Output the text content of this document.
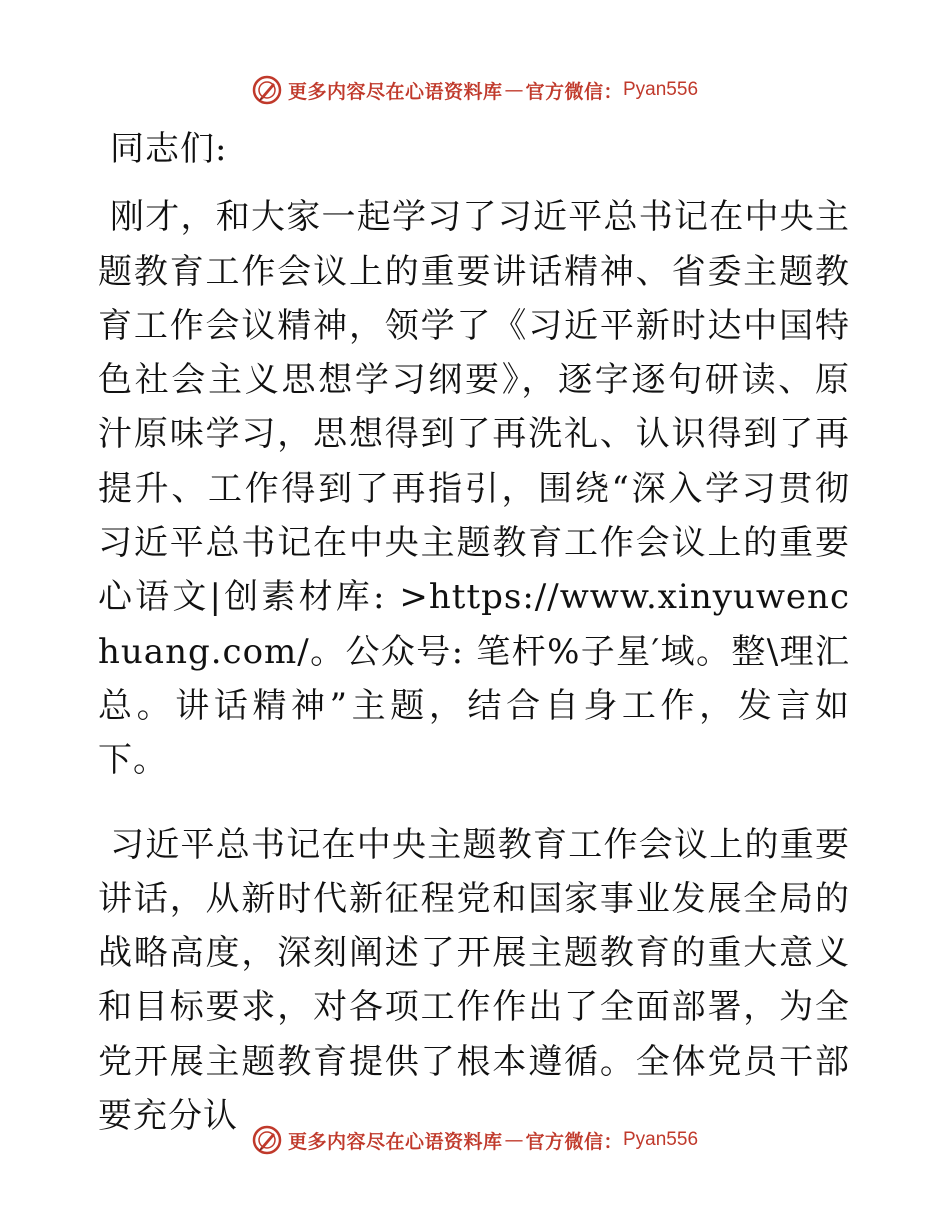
更多内容尽在心语资料库 — 官方微信： Pyan556

同志们:

刚才，和大家一起学习了习近平总书记在中央主题教育工作会议上的重要讲话精神、省委主题教育工作会议精神，领学了《习近平新时达中国特色社会主义思想学习纲要》，逐字逐句研读、原汁原味学习，思想得到了再洗礼、认识得到了再提升、工作得到了再指引，围绕“深入学习贯彻习近平总书记在中央主题教育工作会议上的重要心语文|创素材库: >https://www.xinyuwenchuang.com/。公众号: 笔杆%子星′域。整\理汇总。讲话精神”主题，结合自身工作，发言如下。

习近平总书记在中央主题教育工作会议上的重要讲话，从新时代新征程党和国家事业发展全局的战略高度，深刻阐述了开展主题教育的重大意义和目标要求，对各项工作作出了全面部署，为全党开展主题教育提供了根本遵循。全体党员干部要充分认

更多内容尽在心语资料库 — 官方微信： Pyan556
